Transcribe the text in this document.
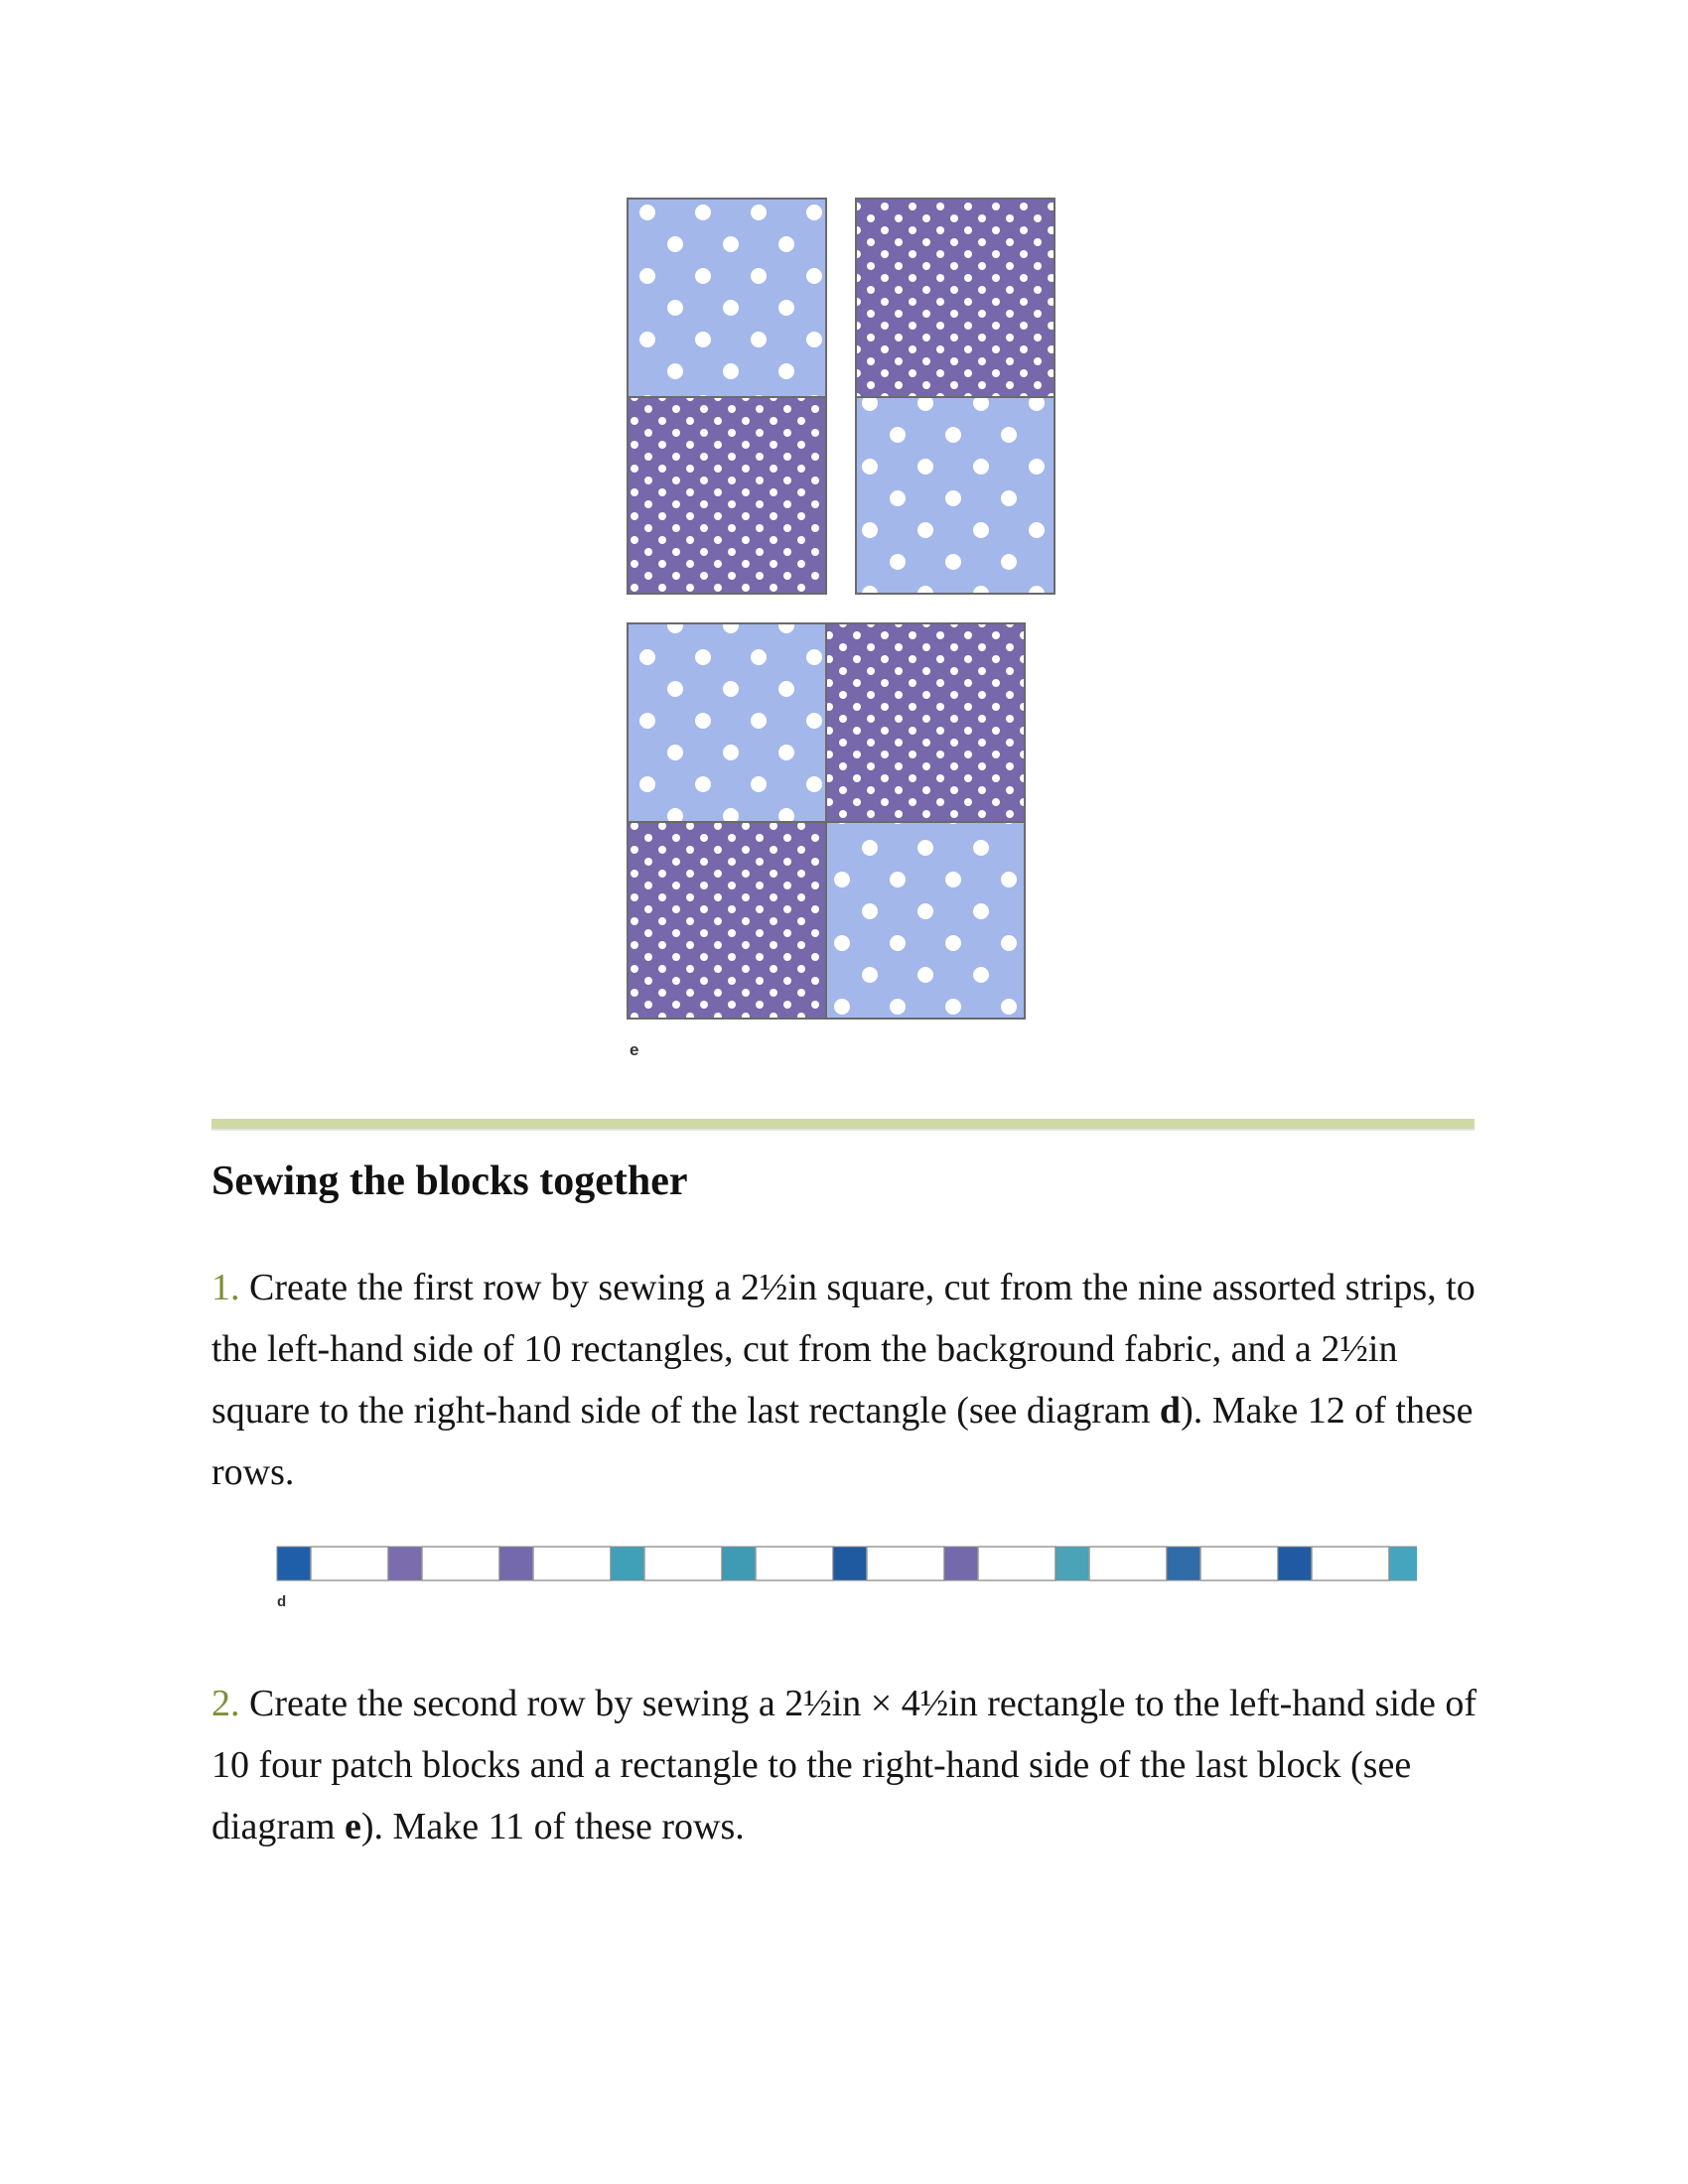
e
Sewing the blocks together

1. Create the first row by sewing a 2½in square, cut from the nine assorted strips, to the left-hand side of 10 rectangles, cut from the background fabric, and a 2½in square to the right-hand side of the last rectangle (see diagram d). Make 12 of these rows.

d

2. Create the second row by sewing a 2½in × 4½in rectangle to the left-hand side of 10 four patch blocks and a rectangle to the right-hand side of the last block (see diagram e). Make 11 of these rows.
